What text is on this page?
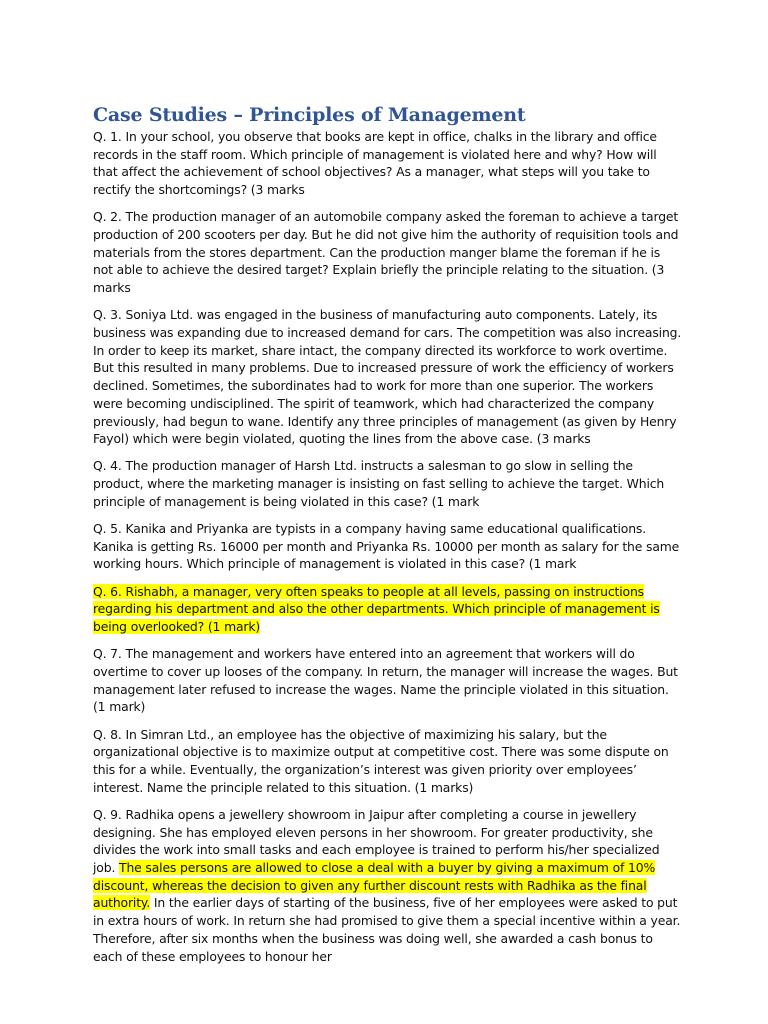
Case Studies – Principles of Management

Q. 1. In your school, you observe that books are kept in office, chalks in the library and office records in the staff room. Which principle of management is violated here and why? How will that affect the achievement of school objectives? As a manager, what steps will you take to rectify the shortcomings? (3 marks

Q. 2. The production manager of an automobile company asked the foreman to achieve a target production of 200 scooters per day. But he did not give him the authority of requisition tools and materials from the stores department. Can the production manger blame the foreman if he is not able to achieve the desired target? Explain briefly the principle relating to the situation. (3 marks

Q. 3. Soniya Ltd. was engaged in the business of manufacturing auto components. Lately, its business was expanding due to increased demand for cars. The competition was also increasing. In order to keep its market, share intact, the company directed its workforce to work overtime. But this resulted in many problems. Due to increased pressure of work the efficiency of workers declined. Sometimes, the subordinates had to work for more than one superior. The workers were becoming undisciplined. The spirit of teamwork, which had characterized the company previously, had begun to wane. Identify any three principles of management (as given by Henry Fayol) which were begin violated, quoting the lines from the above case. (3 marks

Q. 4. The production manager of Harsh Ltd. instructs a salesman to go slow in selling the product, where the marketing manager is insisting on fast selling to achieve the target. Which principle of management is being violated in this case? (1 mark

Q. 5. Kanika and Priyanka are typists in a company having same educational qualifications. Kanika is getting Rs. 16000 per month and Priyanka Rs. 10000 per month as salary for the same working hours. Which principle of management is violated in this case? (1 mark

Q. 6. Rishabh, a manager, very often speaks to people at all levels, passing on instructions regarding his department and also the other departments. Which principle of management is being overlooked? (1 mark)

Q. 7. The management and workers have entered into an agreement that workers will do overtime to cover up looses of the company. In return, the manager will increase the wages. But management later refused to increase the wages. Name the principle violated in this situation. (1 mark)

Q. 8. In Simran Ltd., an employee has the objective of maximizing his salary, but the organizational objective is to maximize output at competitive cost. There was some dispute on this for a while. Eventually, the organization’s interest was given priority over employees’ interest. Name the principle related to this situation. (1 marks)

Q. 9. Radhika opens a jewellery showroom in Jaipur after completing a course in jewellery designing. She has employed eleven persons in her showroom. For greater productivity, she divides the work into small tasks and each employee is trained to perform his/her specialized job. The sales persons are allowed to close a deal with a buyer by giving a maximum of 10% discount, whereas the decision to given any further discount rests with Radhika as the final authority. In the earlier days of starting of the business, five of her employees were asked to put in extra hours of work. In return she had promised to give them a special incentive within a year. Therefore, after six months when the business was doing well, she awarded a cash bonus to each of these employees to honour her
